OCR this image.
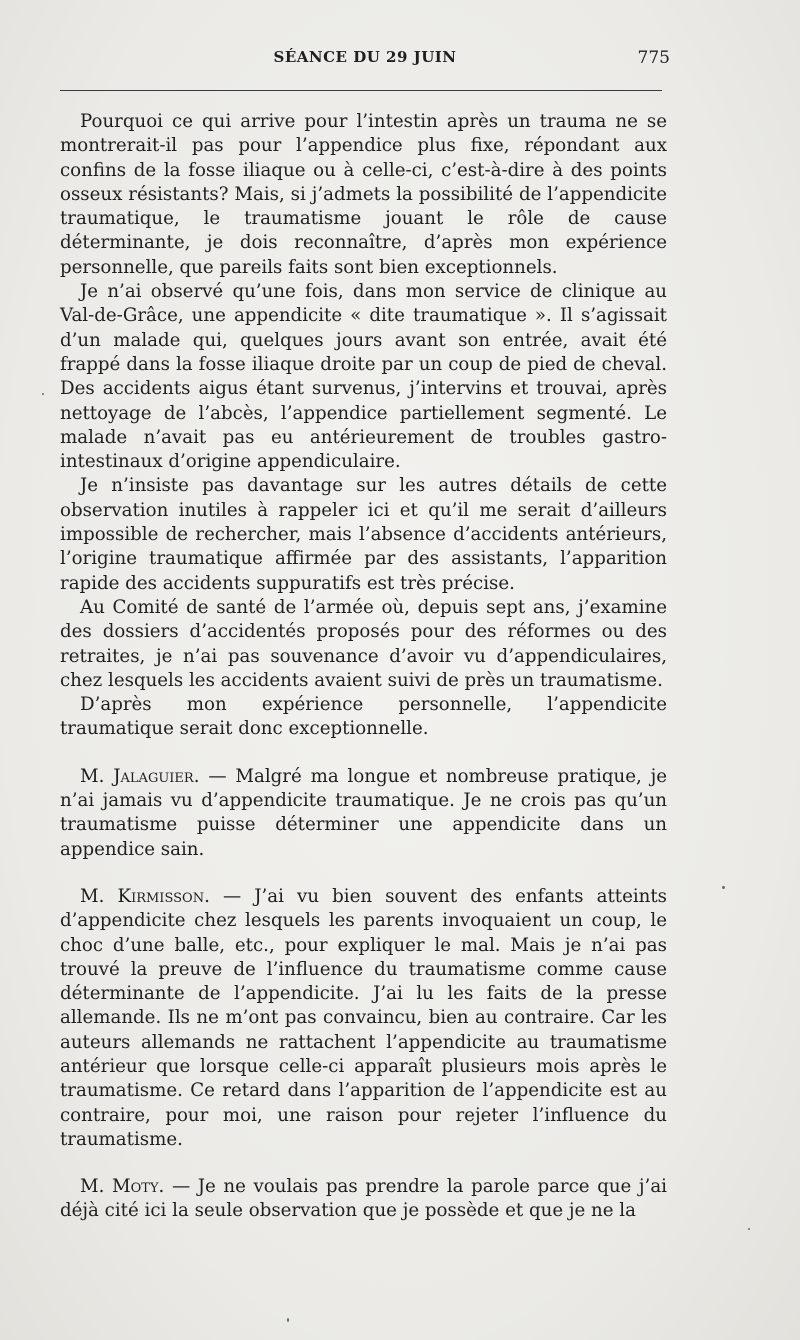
SÉANCE DU 29 JUIN	775

Pourquoi ce qui arrive pour l’intestin après un trauma ne se montrerait-il pas pour l’appendice plus fixe, répondant aux confins de la fosse iliaque ou à celle-ci, c’est-à-dire à des points osseux résistants? Mais, si j’admets la possibilité de l’appendicite traumatique, le traumatisme jouant le rôle de cause déterminante, je dois reconnaître, d’après mon expérience personnelle, que pareils faits sont bien exceptionnels.

Je n’ai observé qu’une fois, dans mon service de clinique au Val-de-Grâce, une appendicite « dite traumatique ». Il s’agissait d’un malade qui, quelques jours avant son entrée, avait été frappé dans la fosse iliaque droite par un coup de pied de cheval. Des accidents aigus étant survenus, j’intervins et trouvai, après nettoyage de l’abcès, l’appendice partiellement segmenté. Le malade n’avait pas eu antérieurement de troubles gastro-intestinaux d’origine appendiculaire.

Je n’insiste pas davantage sur les autres détails de cette observation inutiles à rappeler ici et qu’il me serait d’ailleurs impossible de rechercher, mais l’absence d’accidents antérieurs, l’origine traumatique affirmée par des assistants, l’apparition rapide des accidents suppuratifs est très précise.

Au Comité de santé de l’armée où, depuis sept ans, j’examine des dossiers d’accidentés proposés pour des réformes ou des retraites, je n’ai pas souvenance d’avoir vu d’appendiculaires, chez lesquels les accidents avaient suivi de près un traumatisme.

D’après mon expérience personnelle, l’appendicite traumatique serait donc exceptionnelle.

M. Jalaguier. — Malgré ma longue et nombreuse pratique, je n’ai jamais vu d’appendicite traumatique. Je ne crois pas qu’un traumatisme puisse déterminer une appendicite dans un appendice sain.

M. Kirmisson. — J’ai vu bien souvent des enfants atteints d’appendicite chez lesquels les parents invoquaient un coup, le choc d’une balle, etc., pour expliquer le mal. Mais je n’ai pas trouvé la preuve de l’influence du traumatisme comme cause déterminante de l’appendicite. J’ai lu les faits de la presse allemande. Ils ne m’ont pas convaincu, bien au contraire. Car les auteurs allemands ne rattachent l’appendicite au traumatisme antérieur que lorsque celle-ci apparaît plusieurs mois après le traumatisme. Ce retard dans l’apparition de l’appendicite est au contraire, pour moi, une raison pour rejeter l’influence du traumatisme.

M. Moty. — Je ne voulais pas prendre la parole parce que j’ai déjà cité ici la seule observation que je possède et que je ne la
